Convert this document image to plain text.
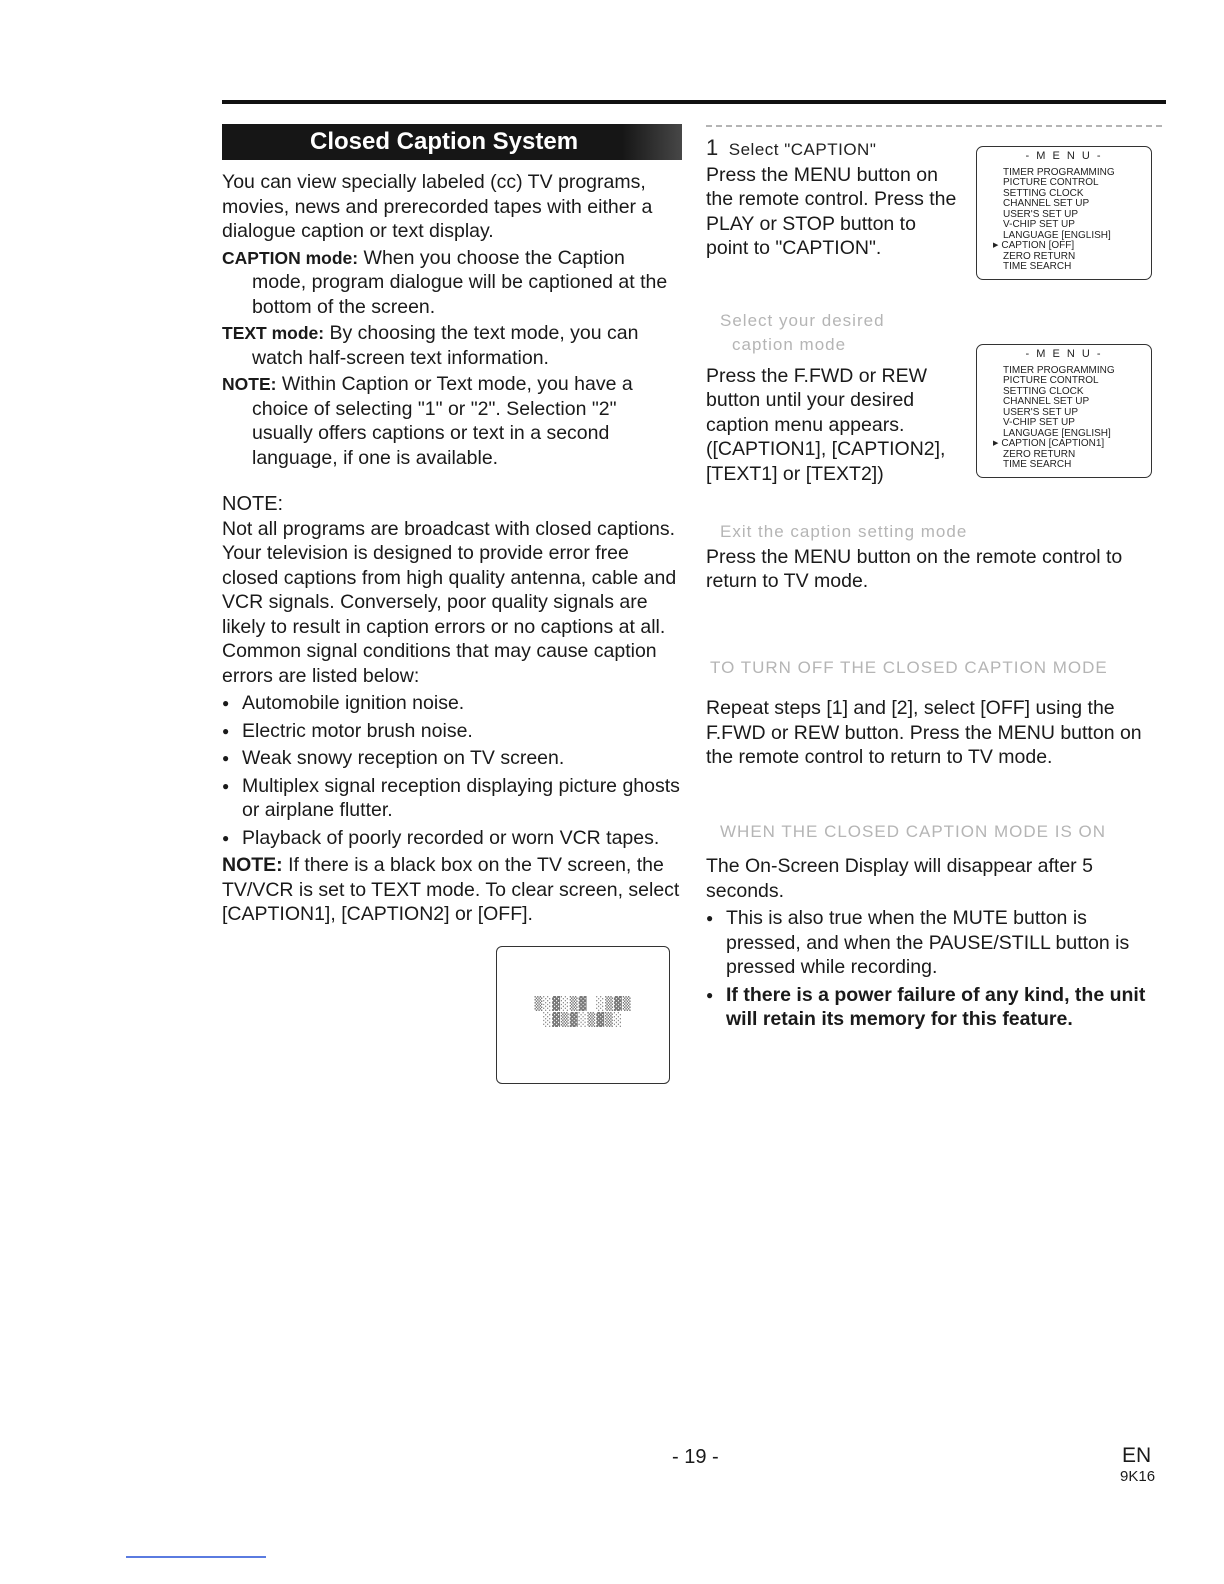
Closed Caption System

You can view specially labeled (cc) TV programs, movies, news and prerecorded tapes with either a dialogue caption or text display.

CAPTION mode: When you choose the Caption mode, program dialogue will be captioned at the bottom of the screen.

TEXT mode: By choosing the text mode, you can watch half-screen text information.

NOTE: Within Caption or Text mode, you have a choice of selecting "1" or "2". Selection "2" usually offers captions or text in a second language, if one is available.

NOTE:

Not all programs are broadcast with closed captions. Your television is designed to provide error free closed captions from high quality antenna, cable and VCR signals. Conversely, poor quality signals are likely to result in caption errors or no captions at all. Common signal conditions that may cause caption errors are listed below:

● Automobile ignition noise.
● Electric motor brush noise.
● Weak snowy reception on TV screen.
● Multiplex signal reception displaying picture ghosts or airplane flutter.
● Playback of poorly recorded or worn VCR tapes.

NOTE: If there is a black box on the TV screen, the TV/VCR is set to TEXT mode. To clear screen, select [CAPTION1], [CAPTION2] or [OFF].

▒░▓░▒▓ ░▒▓▒
░▓▒▓░▒▓▒░
1 Select "CAPTION"

Press the MENU button on the remote control. Press the PLAY or STOP button to point to "CAPTION".

Select your desired
caption mode

Press the F.FWD or REW button until your desired caption menu appears. ([CAPTION1], [CAPTION2], [TEXT1] or [TEXT2])

Exit the caption setting mode

Press the MENU button on the remote control to return to TV mode.

TO TURN OFF THE CLOSED CAPTION MODE

Repeat steps [1] and [2], select [OFF] using the F.FWD or REW button. Press the MENU button on the remote control to return to TV mode.

WHEN THE CLOSED CAPTION MODE IS ON

The On-Screen Display will disappear after 5 seconds.

● This is also true when the MUTE button is pressed, and when the PAUSE/STILL button is pressed while recording.
● If there is a power failure of any kind, the unit will retain its memory for this feature.
- M E N U -
TIMER PROGRAMMING
PICTURE CONTROL
SETTING CLOCK
CHANNEL SET UP
USER'S SET UP
V-CHIP SET UP
LANGUAGE [ENGLISH]
▶ CAPTION [OFF]
ZERO RETURN
TIME SEARCH
- M E N U -
TIMER PROGRAMMING
PICTURE CONTROL
SETTING CLOCK
CHANNEL SET UP
USER'S SET UP
V-CHIP SET UP
LANGUAGE [ENGLISH]
▶ CAPTION [CAPTION1]
ZERO RETURN
TIME SEARCH
- 19 -	EN
9K16
